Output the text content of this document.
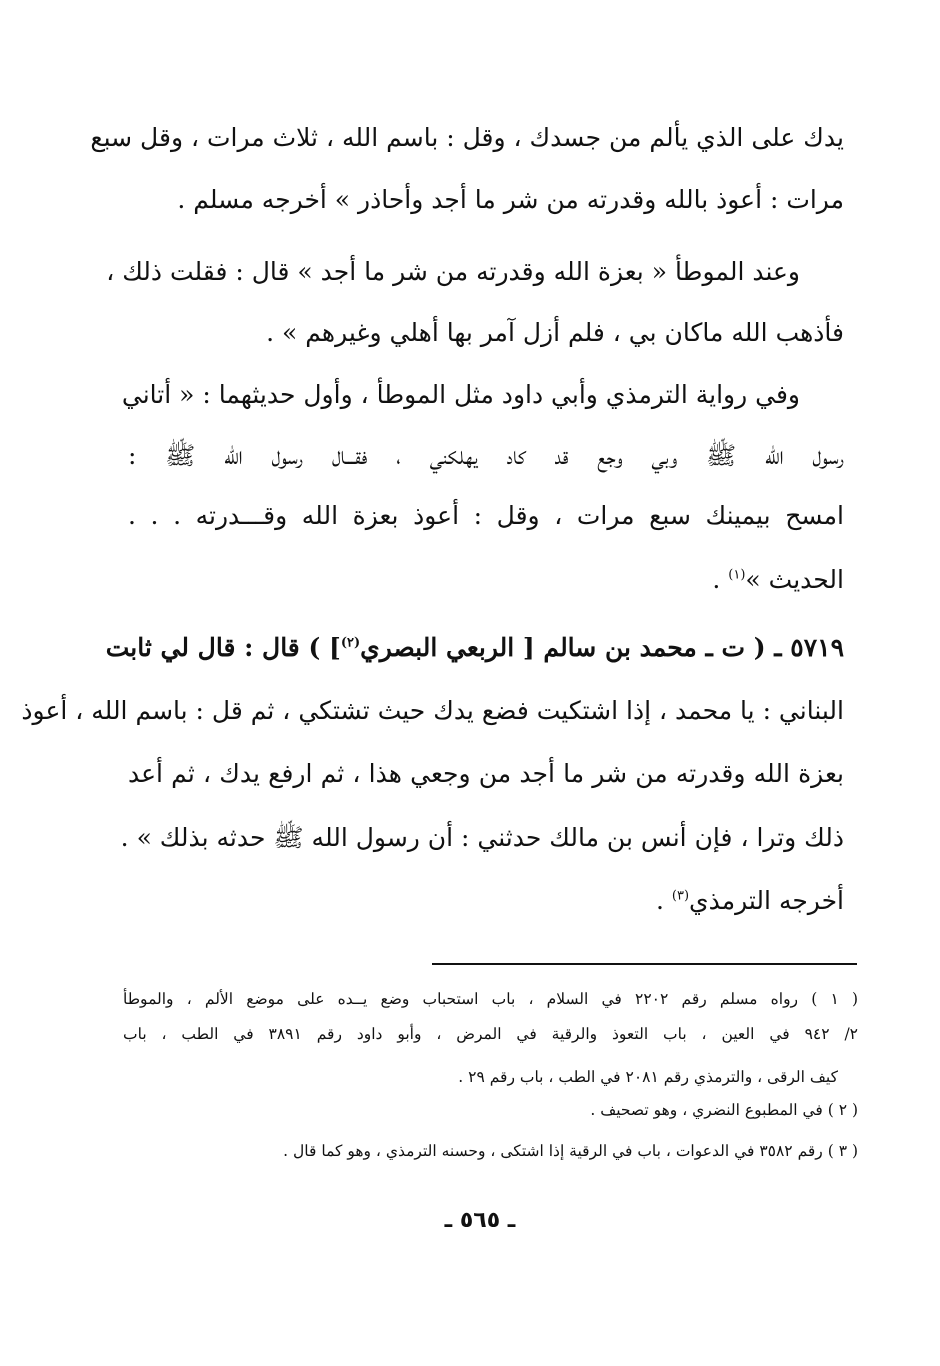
يدك على الذي يألم من جسدك ، وقل : باسم الله ، ثلاث مرات ، وقل سبع
مرات : أعوذ بالله وقدرته من شر ما أجد وأحاذر » أخرجه مسلم .
وعند الموطأ « بعزة الله وقدرته من شر ما أجد » قال : فقلت ذلك ،
فأذهب الله ماكان بي ، فلم أزل آمر بها أهلي وغيرهم » .
وفي رواية الترمذي وأبي داود مثل الموطأ ، وأول حديثهما : « أتاني
رسول الله ﷺ وبي وجع قد كاد يهلكني ، فقـــال رسول الله ﷺ :
امسح بيمينك سبع مرات ، وقل : أعوذ بعزة الله وقـــدرته . . .
الحديث »$^{(١)}$ .
٥٧١٩ ـ ( ت ـ محمد بن سالم [ الربعي البصري$^{(٢)}$] ) قال : قال لي ثابت
البناني : يا محمد ، إذا اشتكيت فضع يدك حيث تشتكي ، ثم قل : باسم الله ، أعوذ
بعزة الله وقدرته من شر ما أجد من وجعي هذا ، ثم ارفع يدك ، ثم أعد
ذلك وترا ، فإن أنس بن مالك حدثني : أن رسول الله ﷺ حدثه بذلك » .
أخرجه الترمذي$^{(٣)}$ .
( ١ ) رواه مسلم رقم ٢٢٠٢ في السلام ، باب استحباب وضع يــده على موضع الألم ، والموطأ
٢/ ٩٤٢ في العين ، باب التعوذ والرقية في المرض ، وأبو داود رقم ٣٨٩١ في الطب ، باب
كيف الرقى ، والترمذي رقم ٢٠٨١ في الطب ، باب رقم ٢٩ .
( ٢ ) في المطبوع النضري ، وهو تصحيف .
( ٣ ) رقم ٣٥٨٢ في الدعوات ، باب في الرقية إذا اشتكى ، وحسنه الترمذي ، وهو كما قال .
ـ ٥٦٥ ـ
